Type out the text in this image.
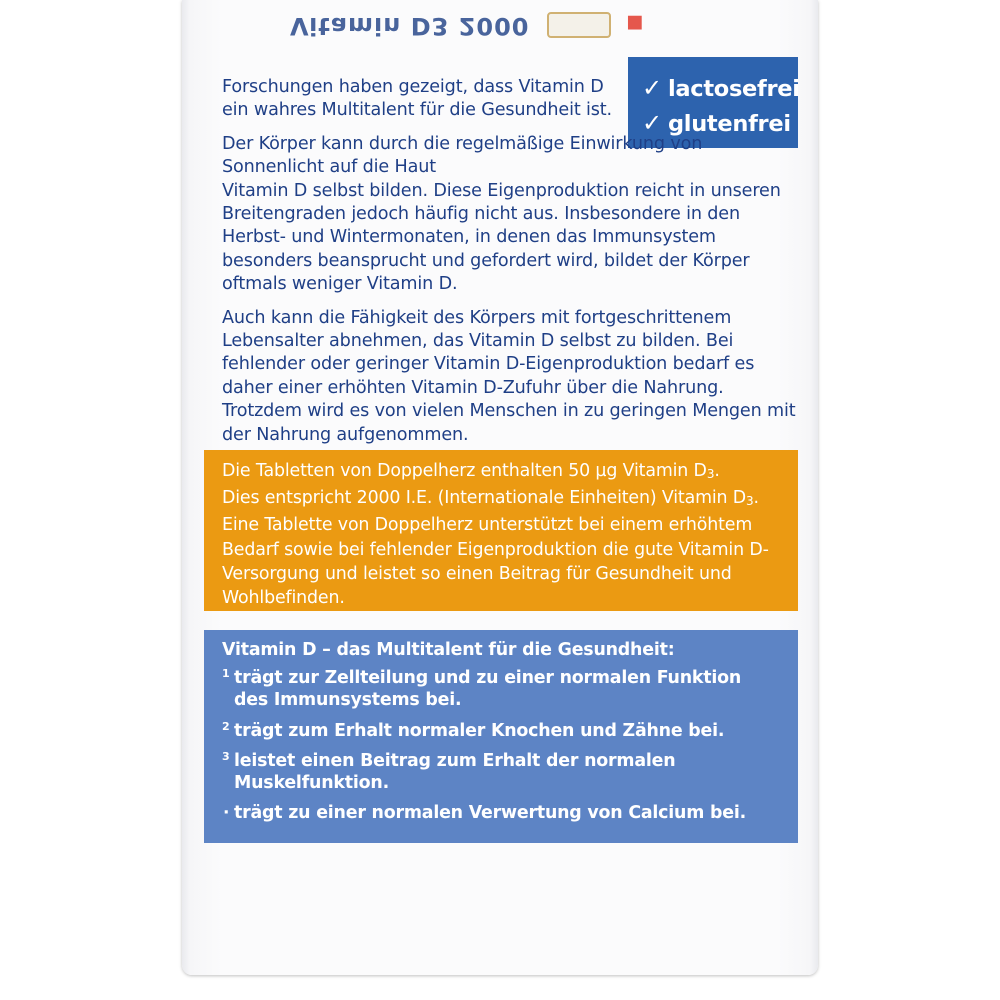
Vitamin D3 2000	■
✓ lactosefrei
✓ glutenfrei

Forschungen haben gezeigt, dass Vitamin D ein wahres Multitalent für die Gesundheit ist.

Der Körper kann durch die regelmäßige Einwirkung von Sonnenlicht auf die Haut
Vitamin D selbst bilden. Diese Eigenproduktion reicht in unseren Breitengraden jedoch häufig nicht aus. Insbesondere in den Herbst- und Wintermonaten, in denen das Immunsystem besonders beansprucht und gefordert wird, bildet der Körper oftmals weniger Vitamin D.

Auch kann die Fähigkeit des Körpers mit fortgeschrittenem Lebensalter abnehmen, das Vitamin D selbst zu bilden. Bei fehlender oder geringer Vitamin D-Eigenproduktion bedarf es daher einer erhöhten Vitamin D-Zufuhr über die Nahrung. Trotzdem wird es von vielen Menschen in zu geringen Mengen mit der Nahrung aufgenommen.

Die Tabletten von Doppelherz enthalten 50 µg Vitamin D3.
Dies entspricht 2000 I.E. (Internationale Einheiten) Vitamin D3.
Eine Tablette von Doppelherz unterstützt bei einem erhöhtem Bedarf sowie bei fehlender Eigenproduktion die gute Vitamin D-Versorgung und leistet so einen Beitrag für Gesundheit und Wohlbefinden.
Vitamin D – das Multitalent für die Gesundheit:
1 trägt zur Zellteilung und zu einer normalen Funktion des Immunsystems bei.
2 trägt zum Erhalt normaler Knochen und Zähne bei.
3 leistet einen Beitrag zum Erhalt der normalen Muskelfunktion.
· trägt zu einer normalen Verwertung von Calcium bei.
